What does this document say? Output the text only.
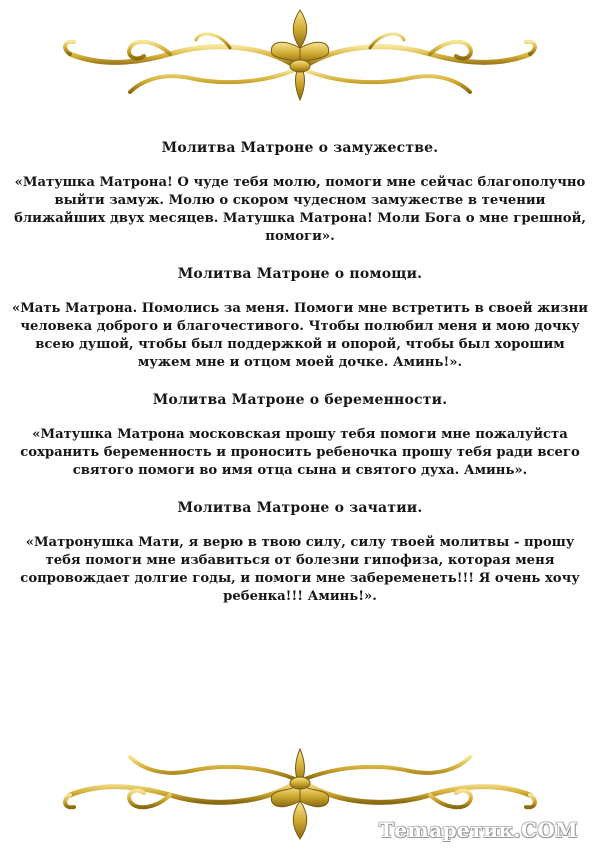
Молитва Матроне о замужестве.

«Матушка Матрона! О чуде тебя молю, помоги мне сейчас благополучно выйти замуж. Молю о скором чудесном замужестве в течении ближайших двух месяцев. Матушка Матрона! Моли Бога о мне грешной, помоги».

Молитва Матроне о помощи.

«Мать Матрона. Помолись за меня. Помоги мне встретить в своей жизни человека доброго и благочестивого. Чтобы полюбил меня и мою дочку всею душой, чтобы был поддержкой и опорой, чтобы был хорошим мужем мне и отцом моей дочке. Аминь!».

Молитва Матроне о беременности.

«Матушка Матрона московская прошу тебя помоги мне пожалуйста сохранить беременность и проносить ребеночка прошу тебя ради всего святого помоги во имя отца сына и святого духа. Аминь».

Молитва Матроне о зачатии.

«Матронушка Мати, я верю в твою силу, силу твоей молитвы - прошу тебя помоги мне избавиться от болезни гипофиза, которая меня сопровождает долгие годы, и помоги мне забеременеть!!! Я очень хочу ребенка!!! Аминь!».

Тemaретик.COM
